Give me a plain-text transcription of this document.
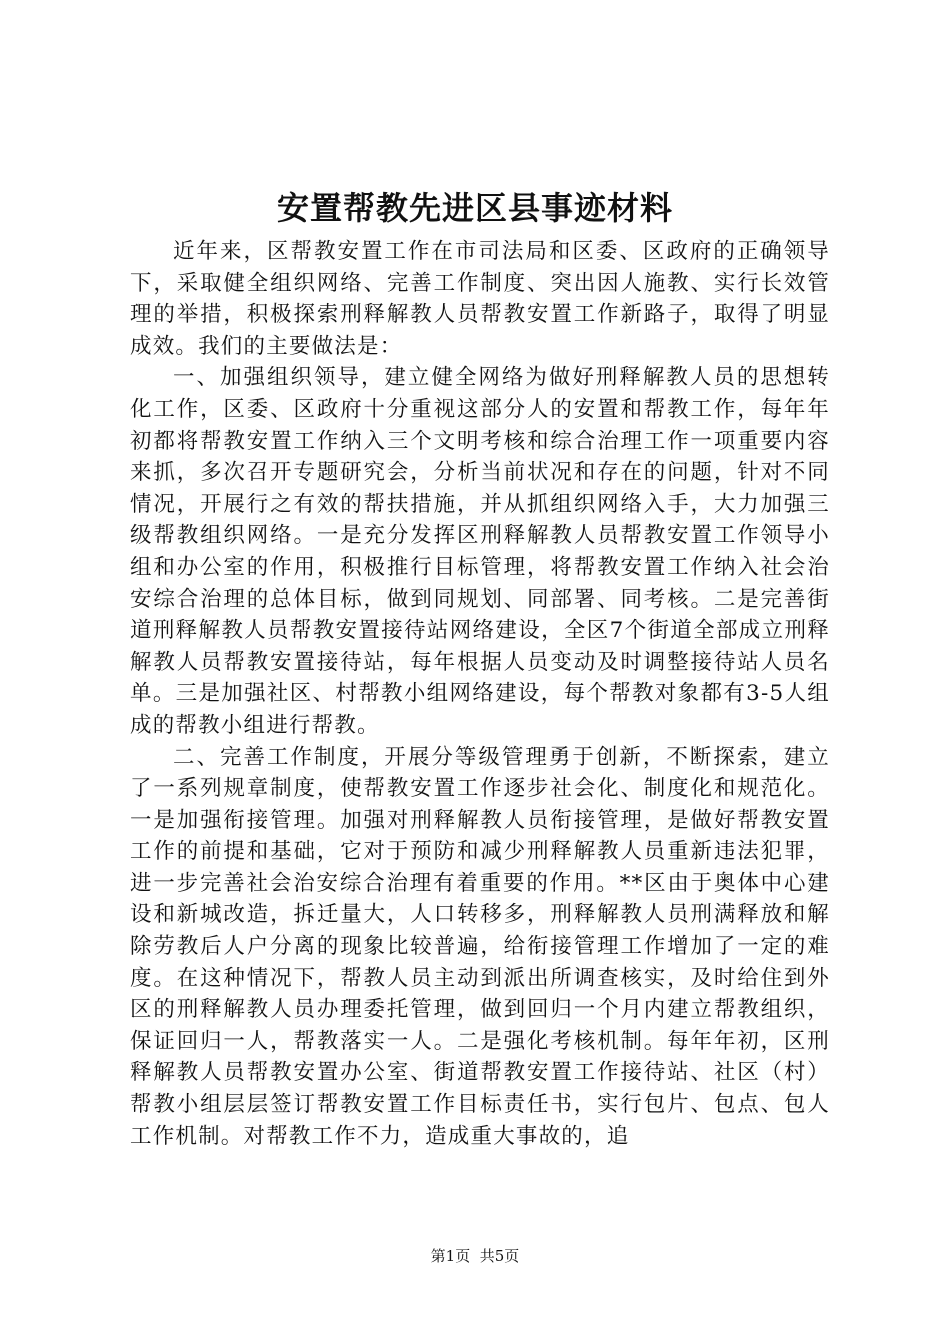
安置帮教先进区县事迹材料

近年来，区帮教安置工作在市司法局和区委、区政府的正确领导下，采取健全组织网络、完善工作制度、突出因人施教、实行长效管理的举措，积极探索刑释解教人员帮教安置工作新路子，取得了明显成效。我们的主要做法是：

一、加强组织领导，建立健全网络为做好刑释解教人员的思想转化工作，区委、区政府十分重视这部分人的安置和帮教工作，每年年初都将帮教安置工作纳入三个文明考核和综合治理工作一项重要内容来抓，多次召开专题研究会，分析当前状况和存在的问题，针对不同情况，开展行之有效的帮扶措施，并从抓组织网络入手，大力加强三级帮教组织网络。一是充分发挥区刑释解教人员帮教安置工作领导小组和办公室的作用，积极推行目标管理，将帮教安置工作纳入社会治安综合治理的总体目标，做到同规划、同部署、同考核。二是完善街道刑释解教人员帮教安置接待站网络建设，全区7个街道全部成立刑释解教人员帮教安置接待站，每年根据人员变动及时调整接待站人员名单。三是加强社区、村帮教小组网络建设，每个帮教对象都有3-5人组成的帮教小组进行帮教。

二、完善工作制度，开展分等级管理勇于创新，不断探索，建立了一系列规章制度，使帮教安置工作逐步社会化、制度化和规范化。一是加强衔接管理。加强对刑释解教人员衔接管理，是做好帮教安置工作的前提和基础，它对于预防和减少刑释解教人员重新违法犯罪，进一步完善社会治安综合治理有着重要的作用。**区由于奥体中心建设和新城改造，拆迁量大，人口转移多，刑释解教人员刑满释放和解除劳教后人户分离的现象比较普遍，给衔接管理工作增加了一定的难度。在这种情况下，帮教人员主动到派出所调查核实，及时给住到外区的刑释解教人员办理委托管理，做到回归一个月内建立帮教组织，保证回归一人，帮教落实一人。二是强化考核机制。每年年初，区刑释解教人员帮教安置办公室、街道帮教安置工作接待站、社区（村）帮教小组层层签订帮教安置工作目标责任书，实行包片、包点、包人工作机制。对帮教工作不力，造成重大事故的，追

第1页 共5页
